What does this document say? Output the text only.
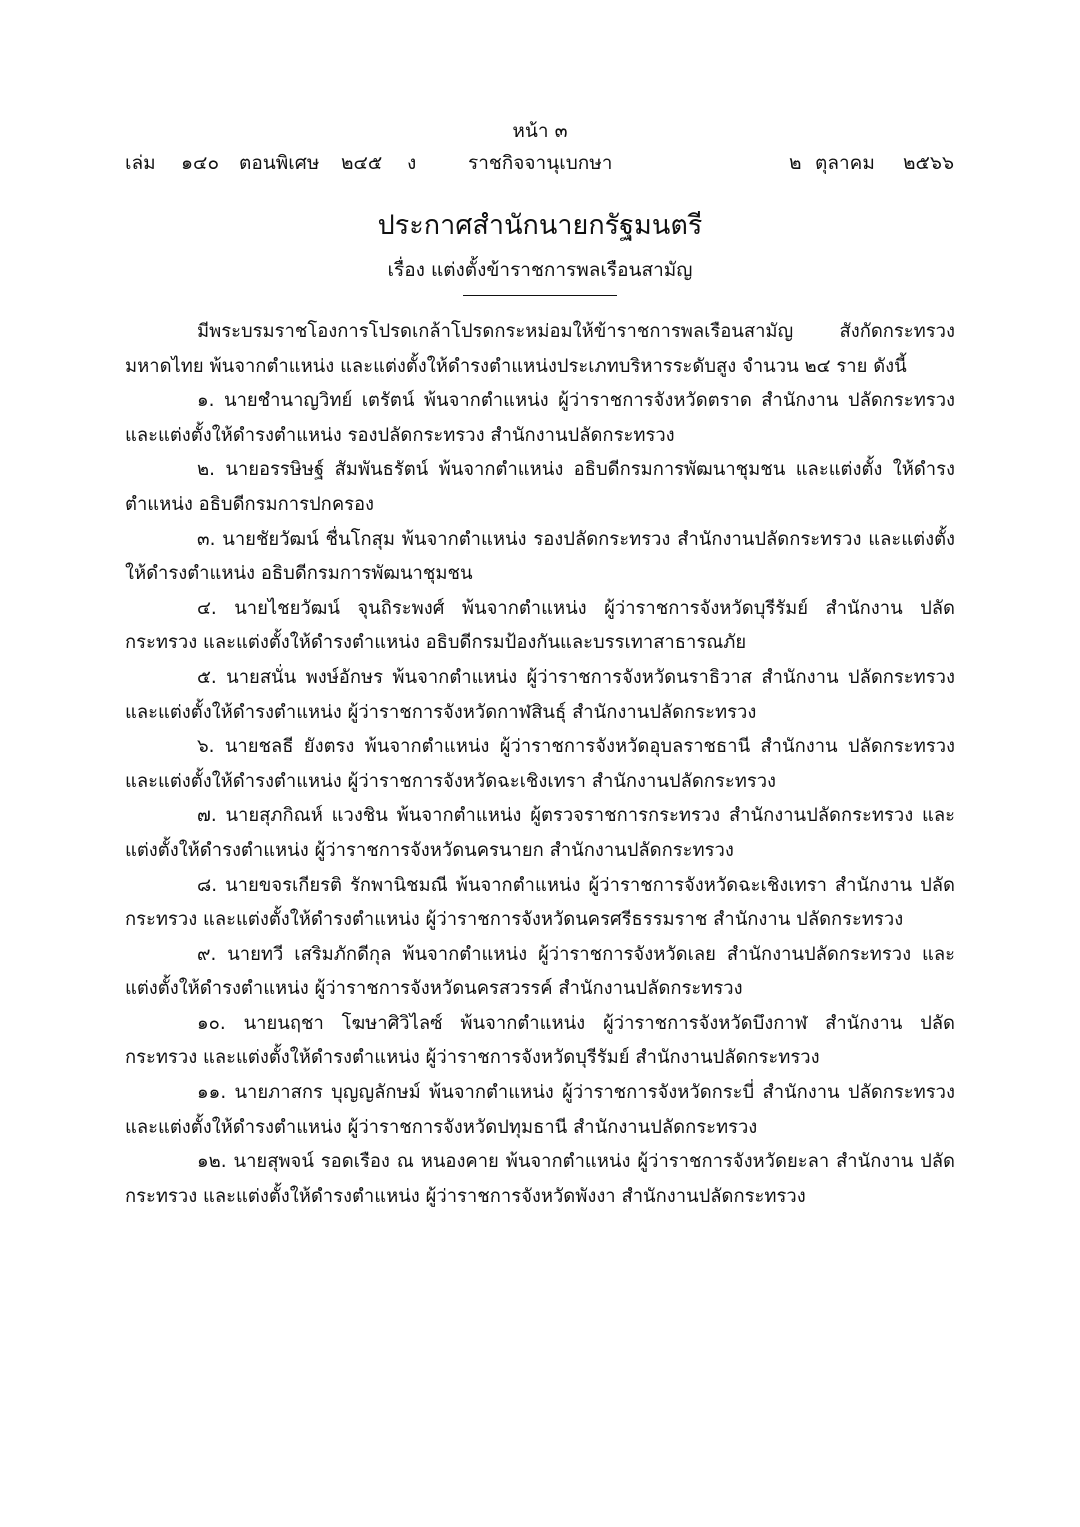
หน้า ๓
เล่ม ๑๔๐ ตอนพิเศษ ๒๔๕ ง	ราชกิจจานุเบกษา	๒ ตุลาคม ๒๕๖๖
ประกาศสำนักนายกรัฐมนตรี
เรื่อง แต่งตั้งข้าราชการพลเรือนสามัญ

มีพระบรมราชโองการโปรดเกล้าโปรดกระหม่อมให้ข้าราชการพลเรือนสามัญ สังกัดกระทรวงมหาดไทย พ้นจากตำแหน่ง และแต่งตั้งให้ดำรงตำแหน่งประเภทบริหารระดับสูง จำนวน ๒๔ ราย ดังนี้

๑. นายชำนาญวิทย์ เตรัตน์ พ้นจากตำแหน่ง ผู้ว่าราชการจังหวัดตราด สำนักงาน ปลัดกระทรวง และแต่งตั้งให้ดำรงตำแหน่ง รองปลัดกระทรวง สำนักงานปลัดกระทรวง

๒. นายอรรษิษฐ์ สัมพันธรัตน์ พ้นจากตำแหน่ง อธิบดีกรมการพัฒนาชุมชน และแต่งตั้ง ให้ดำรงตำแหน่ง อธิบดีกรมการปกครอง

๓. นายชัยวัฒน์ ชื่นโกสุม พ้นจากตำแหน่ง รองปลัดกระทรวง สำนักงานปลัดกระทรวง และแต่งตั้งให้ดำรงตำแหน่ง อธิบดีกรมการพัฒนาชุมชน

๔. นายไชยวัฒน์ จุนถิระพงศ์ พ้นจากตำแหน่ง ผู้ว่าราชการจังหวัดบุรีรัมย์ สำนักงาน ปลัดกระทรวง และแต่งตั้งให้ดำรงตำแหน่ง อธิบดีกรมป้องกันและบรรเทาสาธารณภัย

๕. นายสนั่น พงษ์อักษร พ้นจากตำแหน่ง ผู้ว่าราชการจังหวัดนราธิวาส สำนักงาน ปลัดกระทรวง และแต่งตั้งให้ดำรงตำแหน่ง ผู้ว่าราชการจังหวัดกาฬสินธุ์ สำนักงานปลัดกระทรวง

๖. นายชลธี ยังตรง พ้นจากตำแหน่ง ผู้ว่าราชการจังหวัดอุบลราชธานี สำนักงาน ปลัดกระทรวง และแต่งตั้งให้ดำรงตำแหน่ง ผู้ว่าราชการจังหวัดฉะเชิงเทรา สำนักงานปลัดกระทรวง

๗. นายสุภกิณห์ แวงชิน พ้นจากตำแหน่ง ผู้ตรวจราชการกระทรวง สำนักงานปลัดกระทรวง และแต่งตั้งให้ดำรงตำแหน่ง ผู้ว่าราชการจังหวัดนครนายก สำนักงานปลัดกระทรวง

๘. นายขจรเกียรติ รักพานิชมณี พ้นจากตำแหน่ง ผู้ว่าราชการจังหวัดฉะเชิงเทรา สำนักงาน ปลัดกระทรวง และแต่งตั้งให้ดำรงตำแหน่ง ผู้ว่าราชการจังหวัดนครศรีธรรมราช สำนักงาน ปลัดกระทรวง

๙. นายทวี เสริมภักดีกุล พ้นจากตำแหน่ง ผู้ว่าราชการจังหวัดเลย สำนักงานปลัดกระทรวง และแต่งตั้งให้ดำรงตำแหน่ง ผู้ว่าราชการจังหวัดนครสวรรค์ สำนักงานปลัดกระทรวง

๑๐. นายนฤชา โฆษาศิวิไลซ์ พ้นจากตำแหน่ง ผู้ว่าราชการจังหวัดบึงกาฬ สำนักงาน ปลัดกระทรวง และแต่งตั้งให้ดำรงตำแหน่ง ผู้ว่าราชการจังหวัดบุรีรัมย์ สำนักงานปลัดกระทรวง

๑๑. นายภาสกร บุญญลักษม์ พ้นจากตำแหน่ง ผู้ว่าราชการจังหวัดกระบี่ สำนักงาน ปลัดกระทรวง และแต่งตั้งให้ดำรงตำแหน่ง ผู้ว่าราชการจังหวัดปทุมธานี สำนักงานปลัดกระทรวง

๑๒. นายสุพจน์ รอดเรือง ณ หนองคาย พ้นจากตำแหน่ง ผู้ว่าราชการจังหวัดยะลา สำนักงาน ปลัดกระทรวง และแต่งตั้งให้ดำรงตำแหน่ง ผู้ว่าราชการจังหวัดพังงา สำนักงานปลัดกระทรวง
